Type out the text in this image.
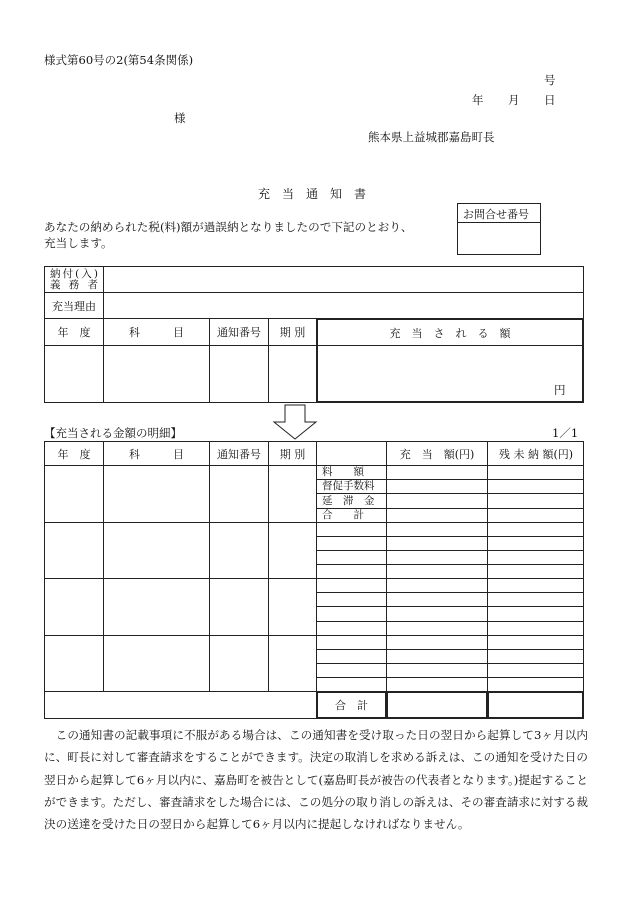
様式第60号の2(第54条関係)
号
年 月 日
様
熊本県上益城郡嘉島町長
充　当　通　知　書
お問合せ番号
あなたの納められた税(料)額が過誤納となりましたので下記のとおり、充当します。
納付(入)
義務者
充当理由
年　度	科　　　目	通知番号	期 別	充　当　さ　れ　る　額
円
【充当される金額の明細】	1／1
年　度	科　　　目	通知番号	期 別	充　当　額(円)	残 未 納 額(円)
料　　額
督促手数料
延　滞　金
合　　計
合　計
　この通知書の記載事項に不服がある場合は、この通知書を受け取った日の翌日から起算して3ヶ月以内に、町長に対して審査請求をすることができます。決定の取消しを求める訴えは、この通知を受けた日の翌日から起算して6ヶ月以内に、嘉島町を被告として(嘉島町長が被告の代表者となります。)提起することができます。ただし、審査請求をした場合には、この処分の取り消しの訴えは、その審査請求に対する裁決の送達を受けた日の翌日から起算して6ヶ月以内に提起しなければなりません。
